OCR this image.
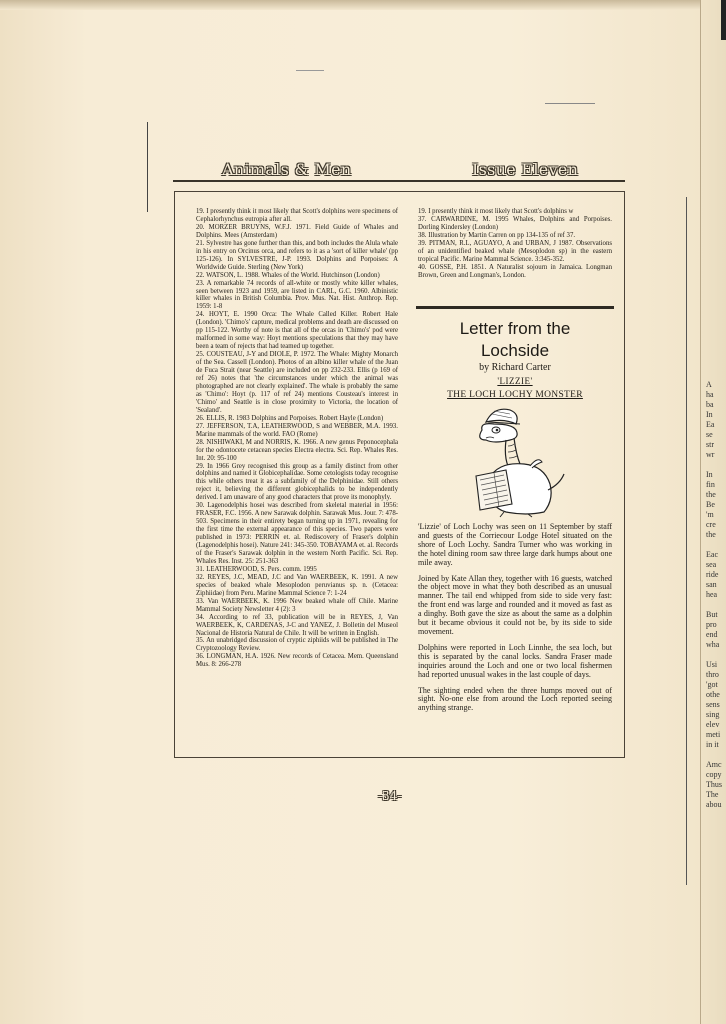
A
ha
ba
In
Ea
se
str
wr

In
fin
the
Be
'm
cre
the

Eac
sea
ride
san
hea

But
pro
end
wha

Usi
thro
'got
othe
sens
sing
elev
meti
in it

Amc
copy
Thus
The
abou
Animals & Men	Issue Eleven

19. I presently think it most likely that Scott's dolphins were specimens of Cephalorhynchus eutropia after all.

20. MORZER BRUYNS, W.F.J. 1971. Field Guide of Whales and Dolphins. Mees (Amsterdam)

21. Sylvestre has gone further than this, and both includes the Alula whale in his entry on Orcinus orca, and refers to it as a 'sort of killer whale' (pp 125-126). In SYLVESTRE, J-P. 1993. Dolphins and Porpoises: A Worldwide Guide. Sterling (New York)

22. WATSON, L. 1988. Whales of the World. Hutchinson (London)

23. A remarkable 74 records of all-white or mostly white killer whales, seen between 1923 and 1959, are listed in CARL, G.C. 1960. Albinistic killer whales in British Columbia. Prov. Mus. Nat. Hist. Anthrop. Rep. 1959: 1-8

24. HOYT, E. 1990 Orca: The Whale Called Killer. Robert Hale (London). 'Chimo's' capture, medical problems and death are discussed on pp 115-122. Worthy of note is that all of the orcas in 'Chimo's' pod were malformed in some way: Hoyt mentions speculations that they may have been a team of rejects that had teamed up together.

25. COUSTEAU, J-Y and DIOLE, P. 1972. The Whale: Mighty Monarch of the Sea. Cassell (London). Photos of an albino killer whale of the Juan de Fuca Strait (near Seattle) are included on pp 232-233. Ellis (p 169 of ref 26) notes that 'the circumstances under which the animal was photographed are not clearly explained'. The whale is probably the same as 'Chimo': Hoyt (p. 117 of ref 24) mentions Cousteau's interest in 'Chimo' and Seattle is in close proximity to Victoria, the location of 'Sealand'.

26. ELLIS, R. 1983 Dolphins and Porpoises. Robert Hayle (London)

27. JEFFERSON, T.A, LEATHERWOOD, S and WEBBER, M.A. 1993. Marine mammals of the world. FAO (Rome)

28. NISHIWAKI, M and NORRIS, K. 1966. A new genus Peponocephala for the odontocete cetacean species Electra electra. Sci. Rep. Whales Res. Int. 20: 95-100

29. In 1966 Grey recognised this group as a family distinct from other dolphins and named it Globicephalidae. Some cetologists today recognise this while others treat it as a subfamily of the Delphinidae. Still others reject it, believing the different globicephalids to be independently derived. I am unaware of any good characters that prove its monophyly.

30. Lagenodelphis hosei was described from skeletal material in 1956: FRASER, F.C. 1956. A new Sarawak dolphin. Sarawak Mus. Jour. 7: 478-503. Specimens in their entirety began turning up in 1971, revealing for the first time the external appearance of this species. Two papers were published in 1973: PERRIN et. al. Rediscovery of Fraser's dolphin (Lagenodelphis hosei). Nature 241: 345-350. TOBAYAMA et. al. Records of the Fraser's Sarawak dolphin in the western North Pacific. Sci. Rep. Whales Res. Inst. 25: 251-363

31. LEATHERWOOD, S. Pers. comm. 1995

32. REYES, J.C, MEAD, J.C and Van WAERBEEK, K. 1991. A new species of beaked whale Mesoplodon peruvianus sp. n. (Cetacea: Ziphiidae) from Peru. Marine Mammal Science 7: 1-24

33. Van WAERBEEK, K. 1996 New beaked whale off Chile. Marine Mammal Society Newsletter 4 (2): 3

34. According to ref 33, publication will be in REYES, J, Van WAERBEEK, K, CARDENAS, J-C and YANEZ, J. Bolletin del Museol Nacional de Historia Natural de Chile. It will be written in English.

35. An unabridged discussion of cryptic ziphiids will be published in The Cryptozoology Review.

36. LONGMAN, H.A. 1926. New records of Cetacea. Mem. Queensland Mus. 8: 266-278

19. I presently think it most likely that Scott's dolphins w

37. CARWARDINE, M. 1995 Whales, Dolphins and Porpoises. Dorling Kindersley (London)

38. Illustration by Martin Carren on pp 134-135 of ref 37.

39. PITMAN, R.L, AGUAYO, A and URBAN, J 1987. Observations of an unidentified beaked whale (Mesoplodon sp) in the eastern tropical Pacific. Marine Mammal Science. 3:345-352.

40. GOSSE, P.H. 1851. A Naturalist sojourn in Jamaica. Longman Brown, Green and Longman's, London.

Letter from the
Lochside
by Richard Carter
'LIZZIE'
THE LOCH LOCHY MONSTER

'Lizzie' of Loch Lochy was seen on 11 September by staff and guests of the Corriecour Lodge Hotel situated on the shore of Loch Lochy. Sandra Turner who was working in the hotel dining room saw three large dark humps about one mile away.

Joined by Kate Allan they, together with 16 guests, watched the object move in what they both described as an unusual manner. The tail end whipped from side to side very fast: the front end was large and rounded and it moved as fast as a dinghy. Both gave the size as about the same as a dolphin but it became obvious it could not be, by its side to side movement.

Dolphins were reported in Loch Linnhe, the sea loch, but this is separated by the canal locks. Sandra Fraser made inquiries around the Loch and one or two local fishermen had reported unusual wakes in the last couple of days.

The sighting ended when the three humps moved out of sight. No-one else from around the Loch reported seeing anything strange.

-34-
